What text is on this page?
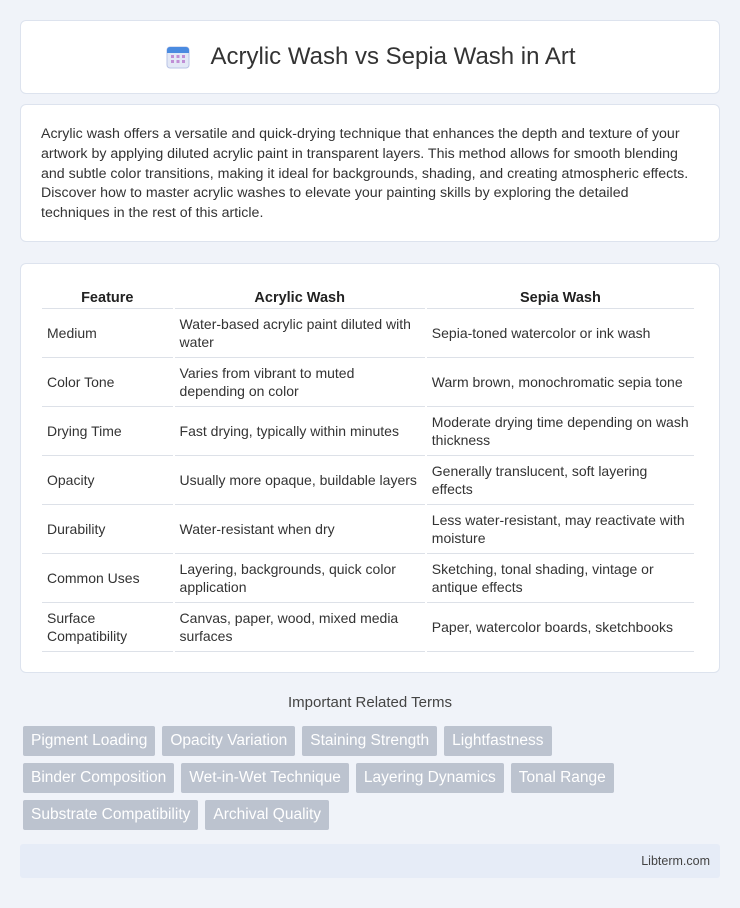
Acrylic Wash vs Sepia Wash in Art

Acrylic wash offers a versatile and quick-drying technique that enhances the depth and texture of your artwork by applying diluted acrylic paint in transparent layers. This method allows for smooth blending and subtle color transitions, making it ideal for backgrounds, shading, and creating atmospheric effects. Discover how to master acrylic washes to elevate your painting skills by exploring the detailed techniques in the rest of this article.

Feature	Acrylic Wash	Sepia Wash
Medium	Water-based acrylic paint diluted with water	Sepia-toned watercolor or ink wash
Color Tone	Varies from vibrant to muted depending on color	Warm brown, monochromatic sepia tone
Drying Time	Fast drying, typically within minutes	Moderate drying time depending on wash thickness
Opacity	Usually more opaque, buildable layers	Generally translucent, soft layering effects
Durability	Water-resistant when dry	Less water-resistant, may reactivate with moisture
Common Uses	Layering, backgrounds, quick color application	Sketching, tonal shading, vintage or antique effects
Surface Compatibility	Canvas, paper, wood, mixed media surfaces	Paper, watercolor boards, sketchbooks
Important Related Terms
Pigment Loading	Opacity Variation	Staining Strength	Lightfastness
Binder Composition	Wet-in-Wet Technique	Layering Dynamics	Tonal Range
Substrate Compatibility	Archival Quality
Libterm.com
